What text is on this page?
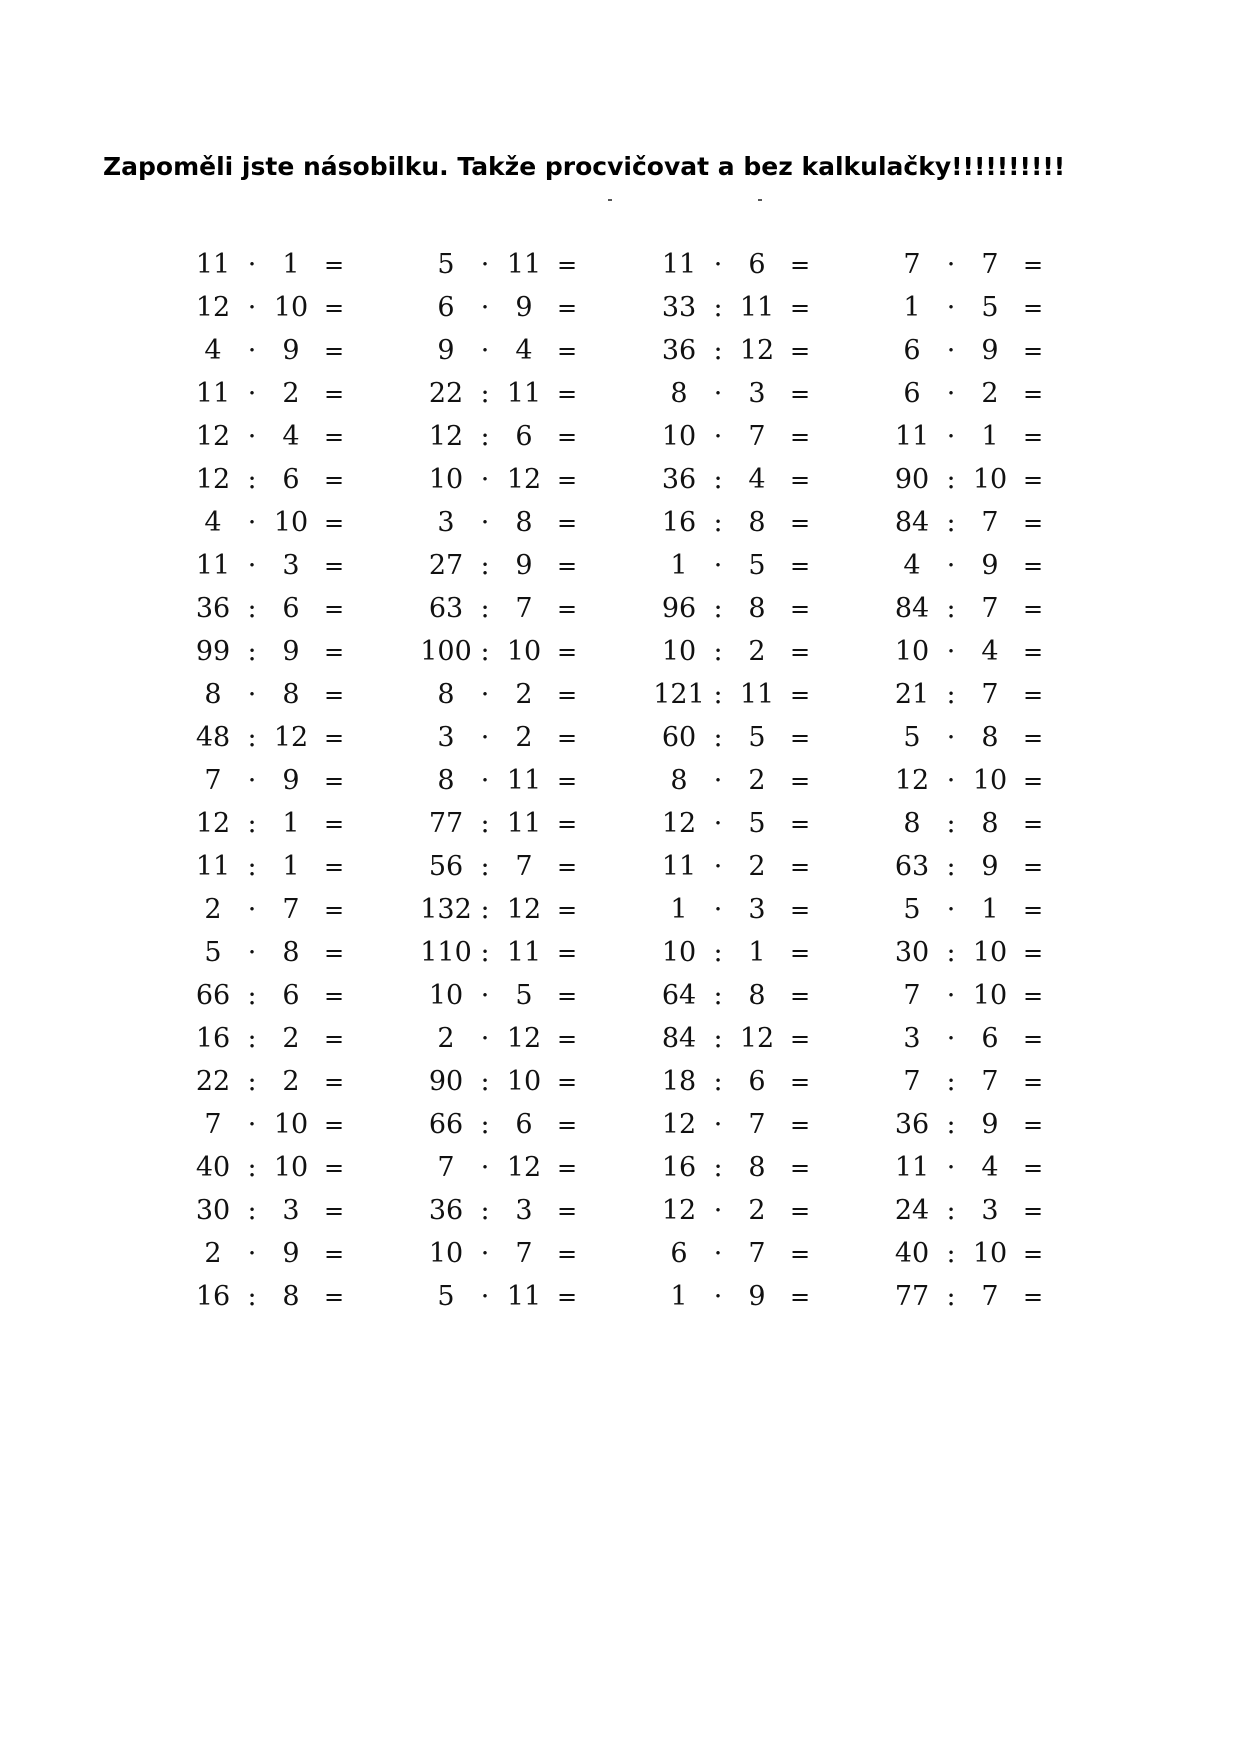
Zapoměli jste násobilku. Takže procvičovat a bez kalkulačky!!!!!!!!!!
11 · 1	=
12 · 10 =
4 · 9	=
11 · 2	=
12 · 4	=
12 : 6	=
4 · 10 =
11 · 3	=
36 : 6	=
99 : 9	=
8 · 8	=
48 : 12 =
7 · 9	=
12 : 1	=
11 : 1	=
2 · 7	=
5 · 8	=
66 : 6	=
16 : 2	=
22 : 2	=
7 · 10 =
40 : 10 =
30 : 3	=
2 · 9	=
16 : 8	=
5 · 11 =
6 · 9	=
9 · 4	=
22 : 11 =
12 : 6	=
10 · 12 =
3 · 8	=
27 : 9	=
63 : 7	=
100 : 10 =
8 · 2	=
3 · 2	=
8 · 11 =
77 : 11 =
56 : 7	=
132 : 12 =
110 : 11 =
10 · 5	=
2 · 12 =
90 : 10 =
66 : 6	=
7 · 12 =
36 : 3	=
10 · 7	=
5 · 11 =
11 · 6	=
33 : 11 =
36 : 12 =
8 · 3	=
10 · 7	=
36 : 4	=
16 : 8	=
1 · 5	=
96 : 8	=
10 : 2	=
121 : 11 =
60 : 5	=
8 · 2	=
12 · 5	=
11 · 2	=
1 · 3	=
10 : 1	=
64 : 8	=
84 : 12 =
18 : 6	=
12 · 7	=
16 : 8	=
12 · 2	=
6 · 7	=
1 · 9	=
7 · 7	=
1 · 5	=
6 · 9	=
6 · 2	=
11 · 1	=
90 : 10 =
84 : 7	=
4 · 9	=
84 : 7	=
10 · 4	=
21 : 7	=
5 · 8	=
12 · 10 =
8 : 8	=
63 : 9	=
5 · 1	=
30 : 10 =
7 · 10 =
3 · 6	=
7 : 7	=
36 : 9	=
11 · 4	=
24 : 3	=
40 : 10 =
77 : 7	=
